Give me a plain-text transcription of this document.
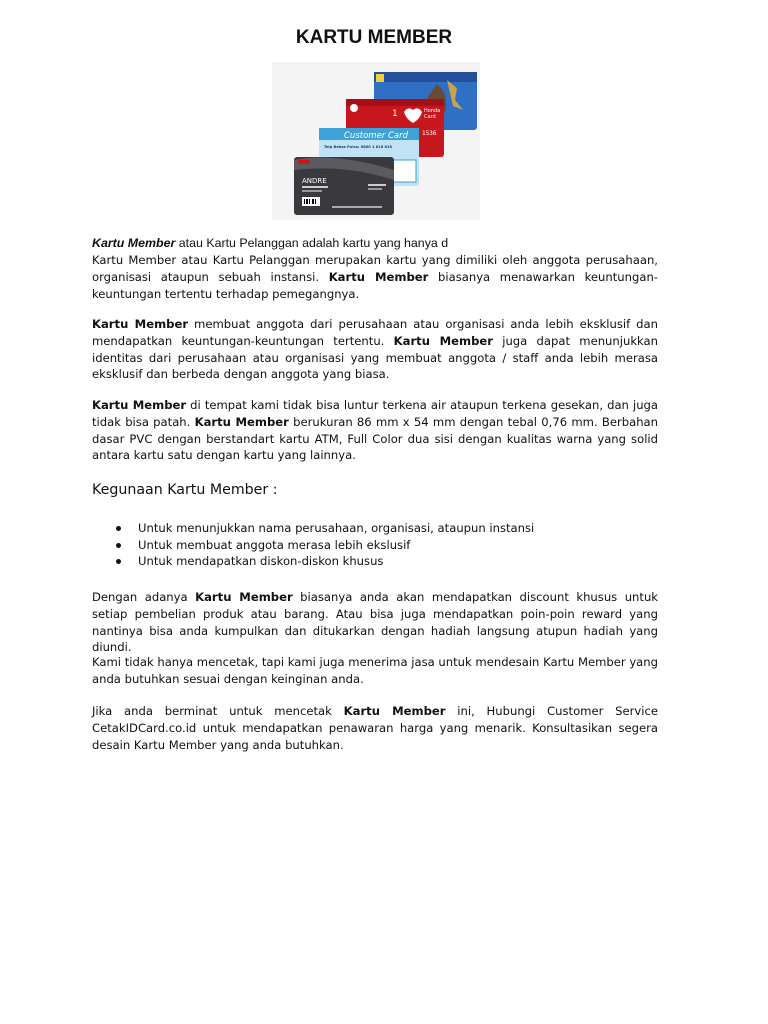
KARTU MEMBER
1	Honda
Card
1536
Customer Card
Telp Bebas Pulsa: 0800 1 818 818
ANDRE
Kartu Member atau Kartu Pelanggan adalah kartu yang hanya d

Kartu Member atau Kartu Pelanggan merupakan kartu yang dimiliki oleh anggota perusahaan, organisasi ataupun sebuah instansi. Kartu Member biasanya menawarkan keuntungan-keuntungan tertentu terhadap pemegangnya.

Kartu Member membuat anggota dari perusahaan atau organisasi anda lebih eksklusif dan mendapatkan keuntungan-keuntungan tertentu. Kartu Member juga dapat menunjukkan identitas dari perusahaan atau organisasi yang membuat anggota / staff anda lebih merasa eksklusif dan berbeda dengan anggota yang biasa.

Kartu Member di tempat kami tidak bisa luntur terkena air ataupun terkena gesekan, dan juga tidak bisa patah. Kartu Member berukuran 86 mm x 54 mm dengan tebal 0,76 mm. Berbahan dasar PVC dengan berstandart kartu ATM, Full Color dua sisi dengan kualitas warna yang solid antara kartu satu dengan kartu yang lainnya.

Kegunaan Kartu Member :
Untuk menunjukkan nama perusahaan, organisasi, ataupun instansi
Untuk membuat anggota merasa lebih ekslusif
Untuk mendapatkan diskon-diskon khusus

Dengan adanya Kartu Member biasanya anda akan mendapatkan discount khusus untuk setiap pembelian produk atau barang. Atau bisa juga mendapatkan poin-poin reward yang nantinya bisa anda kumpulkan dan ditukarkan dengan hadiah langsung atupun hadiah yang diundi.

Kami tidak hanya mencetak, tapi kami juga menerima jasa untuk mendesain Kartu Member yang anda butuhkan sesuai dengan keinginan anda.

Jika anda berminat untuk mencetak Kartu Member ini, Hubungi Customer Service CetakIDCard.co.id untuk mendapatkan penawaran harga yang menarik. Konsultasikan segera desain Kartu Member yang anda butuhkan.
